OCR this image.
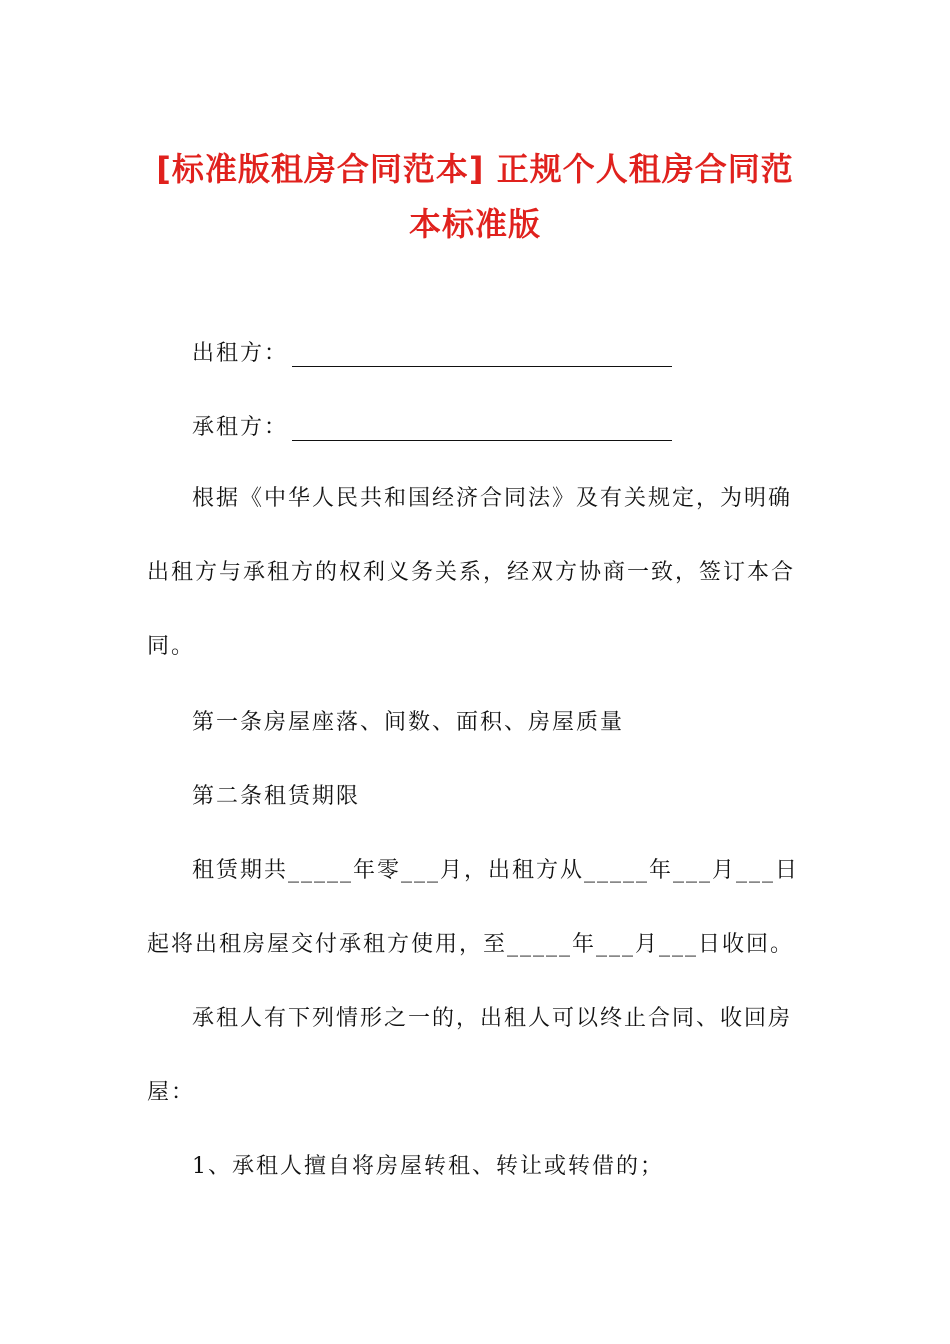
[标准版租房合同范本] 正规个人租房合同范
本标准版
出租方：
承租方：

根据《中华人民共和国经济合同法》及有关规定，为明确出租方与承租方的权利义务关系，经双方协商一致，签订本合同。

第一条房屋座落、间数、面积、房屋质量

第二条租赁期限

租赁期共_____年零___月，出租方从_____年___月___日起将出租房屋交付承租方使用，至_____年___月___日收回。

承租人有下列情形之一的，出租人可以终止合同、收回房屋：

1、承租人擅自将房屋转租、转让或转借的；
